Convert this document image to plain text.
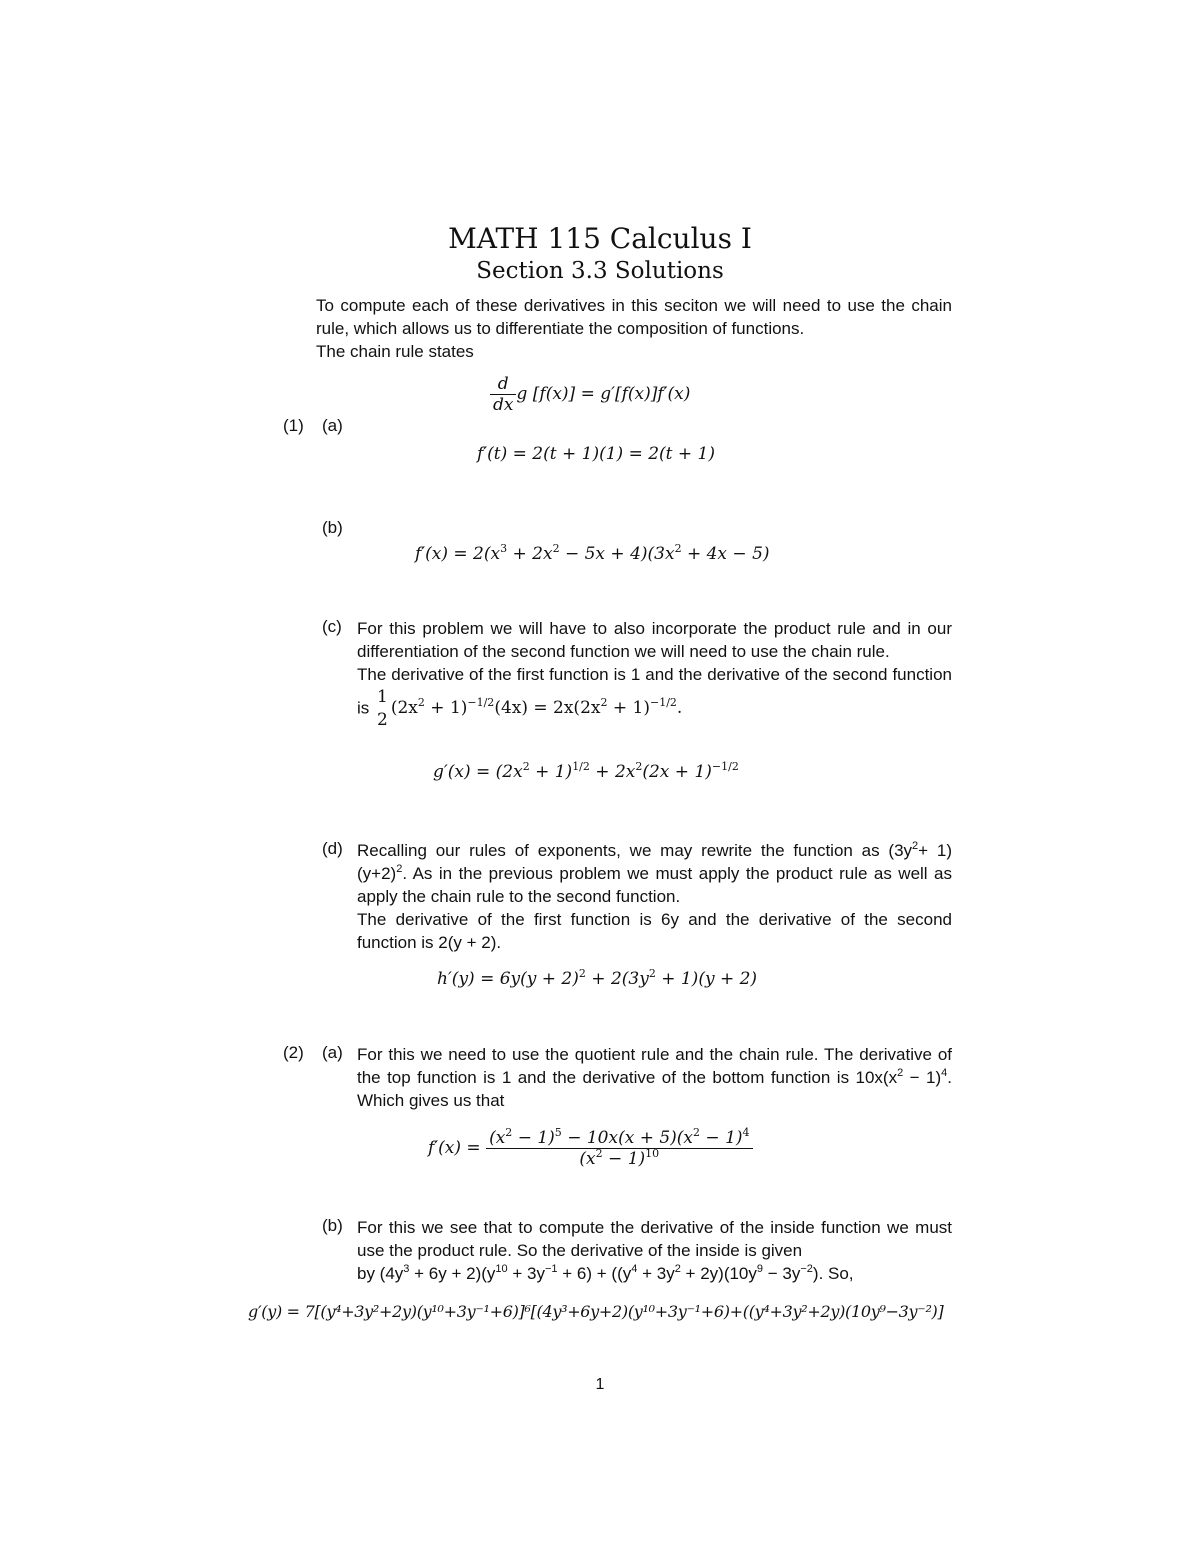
MATH 115 Calculus I
Section 3.3 Solutions

To compute each of these derivatives in this seciton we will need to use the chain rule, which allows us to differentiate the composition of functions.

The chain rule states

$\frac{d}{dx}$ g [f(x)] = g′[f(x)]f′(x)
(1) (a)
f′(t) = 2(t + 1)(1) = 2(t + 1)
(b)
$f'(x) = 2(x^3 + 2x^2 - 5x + 4)(3x^2 + 4x - 5)$
(c) For this problem we will have to also incorporate the product rule and in our differentiation of the second function we will need to use the chain rule.

The derivative of the first function is 1 and the derivative of the second function is
1
2
$(2x^2 + 1)^{-1/2}(4x) = 2x(2x^2 + 1)^{-1/2}$.

$g'(x) = (2x^2 + 1)^{1/2} + 2x^2(2x + 1)^{-1/2}$
(d) Recalling our rules of exponents, we may rewrite the function as $(3y^2+ 1)(y+2)^2$. As in the previous problem we must apply the product rule as well as apply the chain rule to the second function.

The derivative of the first function is 6y and the derivative of the second function is 2(y + 2).

$h'(y) = 6y(y + 2)^2 + 2(3y^2 + 1)(y + 2)$
(2) (a) For this we need to use the quotient rule and the chain rule. The derivative of the top function is 1 and the derivative of the bottom function is $10x(x^2 - 1)^4$. Which gives us that

$f'(x) = \frac{(x^2 - 1)^5 - 10x(x + 5)(x^2 - 1)^4}{(x^2 - 1)^{10}}$
(b) For this we see that to compute the derivative of the inside function we must use the product rule. So the derivative of the inside is given

by $(4y^3 + 6y + 2)(y^{10} + 3y^{-1} + 6) + ((y^4 + 3y^2 + 2y)(10y^9 - 3y^{-2})$. So,

g′(y) = 7[(y⁴+3y²+2y)(y¹⁰+3y⁻¹+6)]⁶[(4y³+6y+2)(y¹⁰+3y⁻¹+6)+((y⁴+3y²+2y)(10y⁹−3y⁻²)]
1
